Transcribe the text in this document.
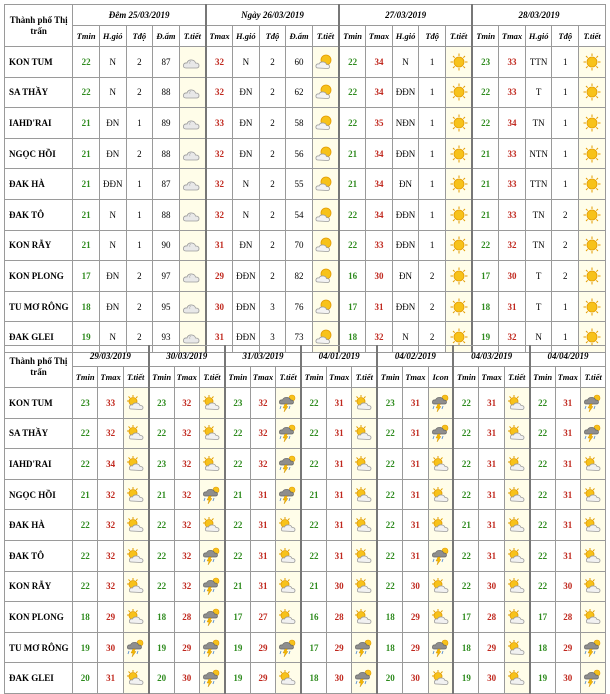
Thành phố Thị trấn	Đêm 25/03/2019					Ngày 26/03/2019					27/03/2019					28/03/2019				
	Tmin	H.gió	Tđộ	Đ.ẩm	T.tiết	Tmax	H.gió	Tđộ	Đ.ẩm	T.tiết	Tmin	Tmax	H.gió	Tđộ	T.tiết	Tmin	Tmax	H.gió	Tđộ	T.tiết
KON TUM	22	N	2	87		32	N	2	60		22	34	N	1		23	33	TTN	1	

SA THẦY	22	N	2	88		32	ĐN	2	62		22	34	ĐĐN	1		22	33	T	1	

IAHD'RAI	21	ĐN	1	89		33	ĐN	2	58		22	35	NĐN	1		22	34	TN	1	

NGỌC HỒI	21	ĐN	2	88		32	ĐN	2	56		21	34	ĐĐN	1		21	33	NTN	1	

ĐAK HÀ	21	ĐĐN	1	87		32	N	2	55		21	34	ĐN	1		21	33	TTN	1	

ĐAK TÔ	21	N	1	88		32	N	2	54		22	34	ĐĐN	1		21	33	TN	2	

KON RẪY	21	N	1	90		31	ĐN	2	70		22	33	ĐĐN	1		22	32	TN	2	

KON PLONG	17	ĐN	2	97		29	ĐĐN	2	82		16	30	ĐN	2		17	30	T	2	

TU MƠ RÔNG	18	ĐN	2	95		30	ĐĐN	3	76		17	31	ĐĐN	2		18	31	T	1	

ĐAK GLEI	19	N	2	93		31	ĐĐN	3	73		18	32	N	2		19	32	N	1	
Thành phố Thị trấn	29/03/2019			30/03/2019			31/03/2019			04/01/2019			04/02/2019			04/03/2019			04/04/2019		
	Tmin	Tmax	T.tiết	Tmin	Tmax	T.tiết	Tmin	Tmax	T.tiết	Tmin	Tmax	T.tiết	Tmin	Tmax	Icon	Tmin	Tmax	T.tiết	Tmin	Tmax	T.tiết
KON TUM	23	33		23	32		23	32		22	31		23	31		22	31		22	31	

SA THẦY	22	32		22	32		22	32		22	31		22	31		22	31		22	31	

IAHD'RAI	22	34		23	32		22	32		22	31		22	31		22	31		22	31	

NGỌC HỒI	21	32		21	32		21	31		21	31		22	31		22	31		22	31	

ĐAK HÀ	22	32		22	32		22	31		22	31		22	31		21	31		22	31	

ĐAK TÔ	22	32		22	32		22	31		22	31		22	31		22	31		22	31	

KON RẪY	22	32		22	32		21	31		21	30		22	30		22	30		22	30	

KON PLONG	18	29		18	28		17	27		16	28		18	29		17	28		17	28	

TU MƠ RÔNG	19	30		19	29		19	29		17	29		18	29		18	29		18	29	

ĐAK GLEI	20	31		20	30		19	29		18	30		20	30		19	30		19	30	
